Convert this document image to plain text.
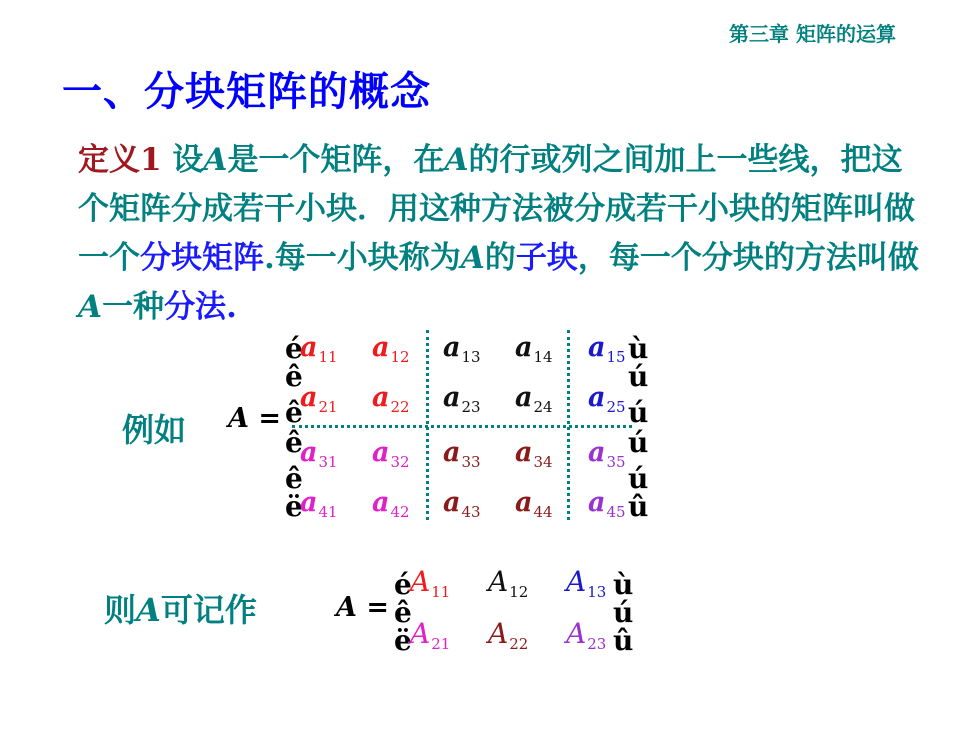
第三章 矩阵的运算
一、分块矩阵的概念
定义1 设A是一个矩阵，在A的行或列之间加上一些线，把这个矩阵分成若干小块．用这种方法被分成若干小块的矩阵叫做一个分块矩阵.每一小块称为A的子块，每一个分块的方法叫做A一种分法.
例如 A =
é
ê
ê
ê
ê
ë
ù
ú
ú
ú
ú
û
$a_{11}$ $a_{12}$ $a_{13}$ $a_{14}$ $a_{15}$
$a_{21}$ $a_{22}$ $a_{23}$ $a_{24}$ $a_{25}$
$a_{31}$ $a_{32}$ $a_{33}$ $a_{34}$ $a_{35}$
$a_{41}$ $a_{42}$ $a_{43}$ $a_{44}$ $a_{45}$
则A可记作	A =
é
ê
ë
ù
ú
û
$A_{11}$ $A_{12}$ $A_{13}$
$A_{21}$ $A_{22}$ $A_{23}$
